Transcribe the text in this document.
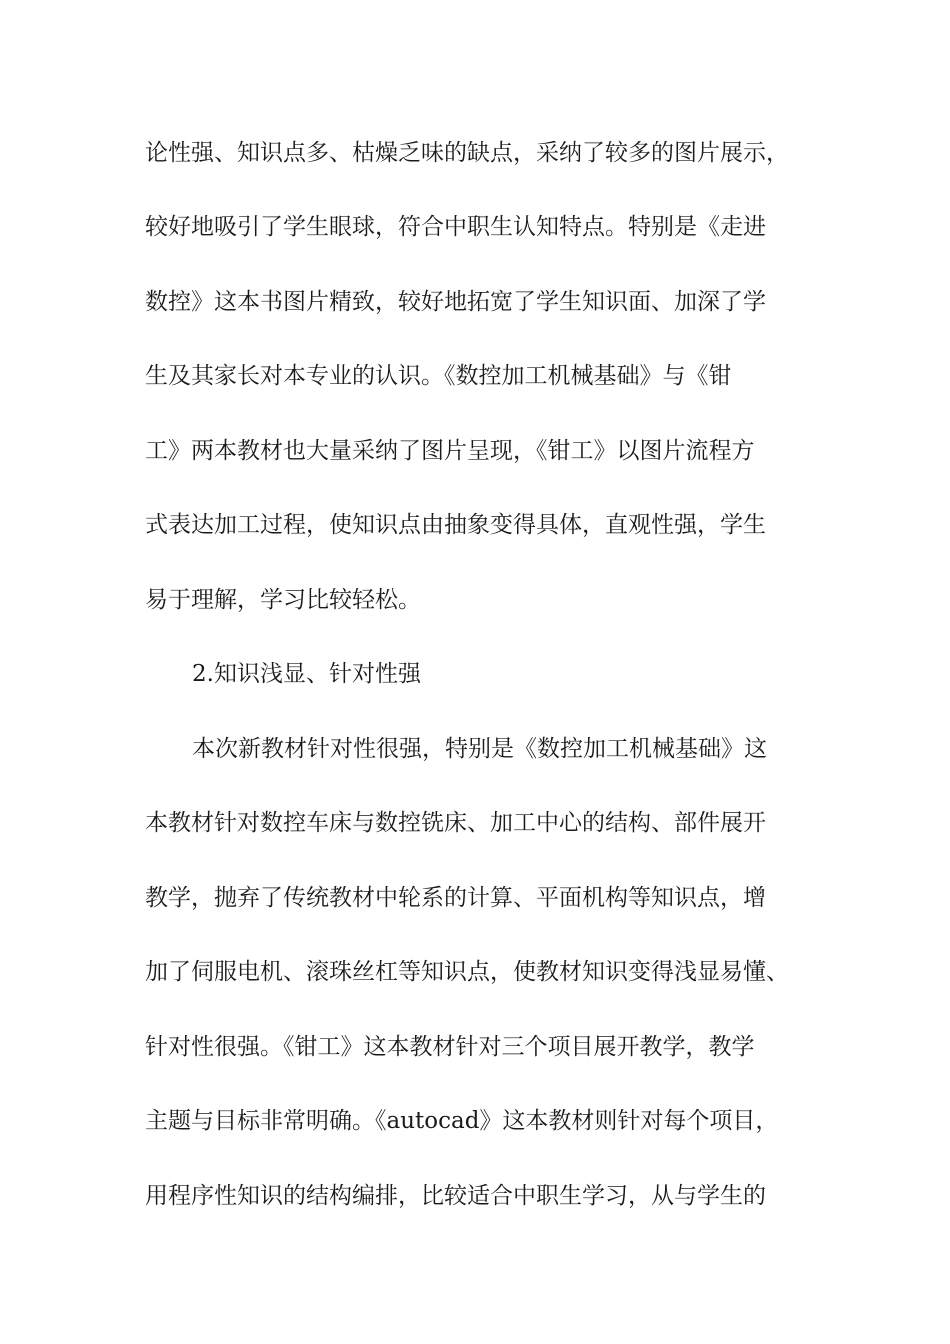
论性强、知识点多、枯燥乏味的缺点，采纳了较多的图片展示，

较好地吸引了学生眼球，符合中职生认知特点。特别是《走进

数控》这本书图片精致，较好地拓宽了学生知识面、加深了学

生及其家长对本专业的认识。《数控加工机械基础》与《钳

工》两本教材也大量采纳了图片呈现，《钳工》以图片流程方

式表达加工过程，使知识点由抽象变得具体，直观性强，学生

易于理解，学习比较轻松。

2.知识浅显、针对性强

本次新教材针对性很强，特别是《数控加工机械基础》这

本教材针对数控车床与数控铣床、加工中心的结构、部件展开

教学，抛弃了传统教材中轮系的计算、平面机构等知识点，增

加了伺服电机、滚珠丝杠等知识点，使教材知识变得浅显易懂、

针对性很强。《钳工》这本教材针对三个项目展开教学，教学

主题与目标非常明确。《autocad》这本教材则针对每个项目，

用程序性知识的结构编排，比较适合中职生学习，从与学生的
